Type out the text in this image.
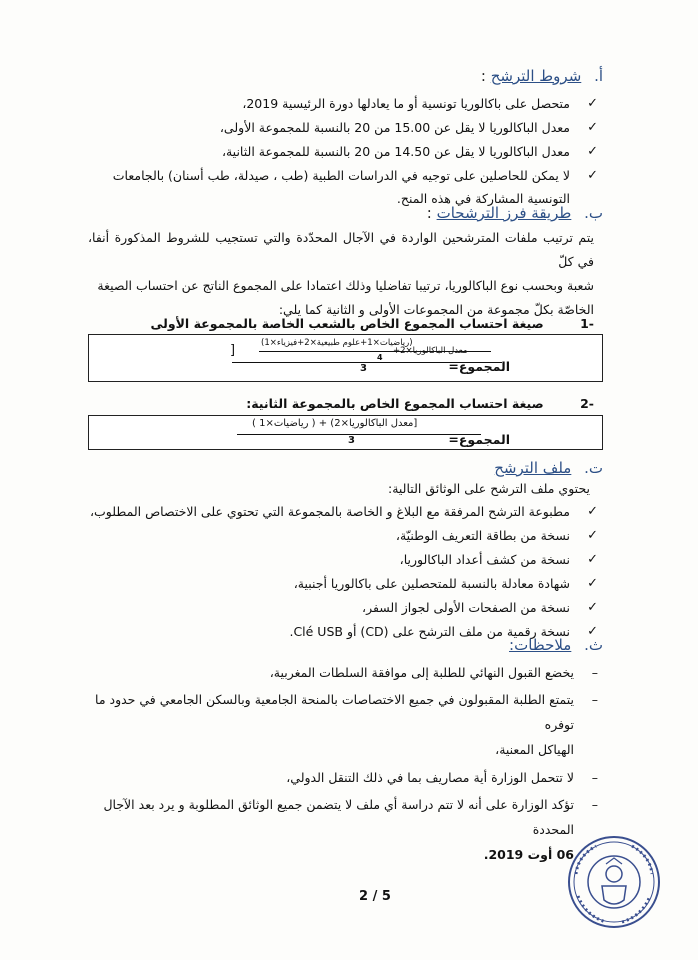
أ. شروط الترشح :
✓
متحصل على باكالوريا تونسية أو ما يعادلها دورة الرئيسية 2019،
✓
معدل الباكالوريا لا يقل عن 15.00 من 20 بالنسبة للمجموعة الأولى،
✓
معدل الباكالوريا لا يقل عن 14.50 من 20 بالنسبة للمجموعة الثانية،
✓
لا يمكن للحاصلين على توجيه في الدراسات الطبية (طب ، صيدلة، طب أسنان) بالجامعات
التونسية المشاركة في هذه المنح.
ب. طريقة فرز الترشحات :
يتم ترتيب ملفات المترشحين الواردة في الآجال المحدّدة والتي تستجيب للشروط المذكورة أنفا، في كلّ
شعبة وبحسب نوع الباكالوريا، ترتيبا تفاضليا وذلك اعتمادا على المجموع الناتج عن احتساب الصيغة
الخاصّة بكلّ مجموعة من المجموعات الأولى و الثانية كما يلي:
-1 صيغة احتساب المجموع الخاص بالشعب الخاصة بالمجموعة الأولى
المجموع=
[	(رياضيات×1+علوم طبيعية×2+فيزياء×1)
معدل الباكالوريا×2+
4
3
-2 صيغة احتساب المجموع الخاص بالمجموعة الثانية:
المجموع=
[معدل الباكالوريا×2) + ( رياضيات×1 )
3
ت. ملف الترشح
يحتوي ملف الترشح على الوثائق التالية:
✓
مطبوعة الترشح المرفقة مع البلاغ و الخاصة بالمجموعة التي تحتوي على الاختصاص المطلوب،
✓
نسخة من بطاقة التعريف الوطنيّة،
✓
نسخة من كشف أعداد الباكالوريا،
✓
شهادة معادلة بالنسبة للمتحصلين على باكالوريا أجنبية،
✓
نسخة من الصفحات الأولى لجواز السفر،
✓
نسخة رقمية من ملف الترشح على (CD) أو Clé USB.
ث. ملاحظات:
–
يخضع القبول النهائي للطلبة إلى موافقة السلطات المغربية،
–
يتمتع الطلبة المقبولون في جميع الاختصاصات بالمنحة الجامعية وبالسكن الجامعي في حدود ما توفره
الهياكل المعنية،
–
لا تتحمل الوزارة أية مصاريف بما في ذلك التنقل الدولي،
–
تؤكد الوزارة على أنه لا تتم دراسة أي ملف لا يتضمن جميع الوثائق المطلوبة و يرد بعد الآجال المحددة
06 أوت 2019.
2 / 5
